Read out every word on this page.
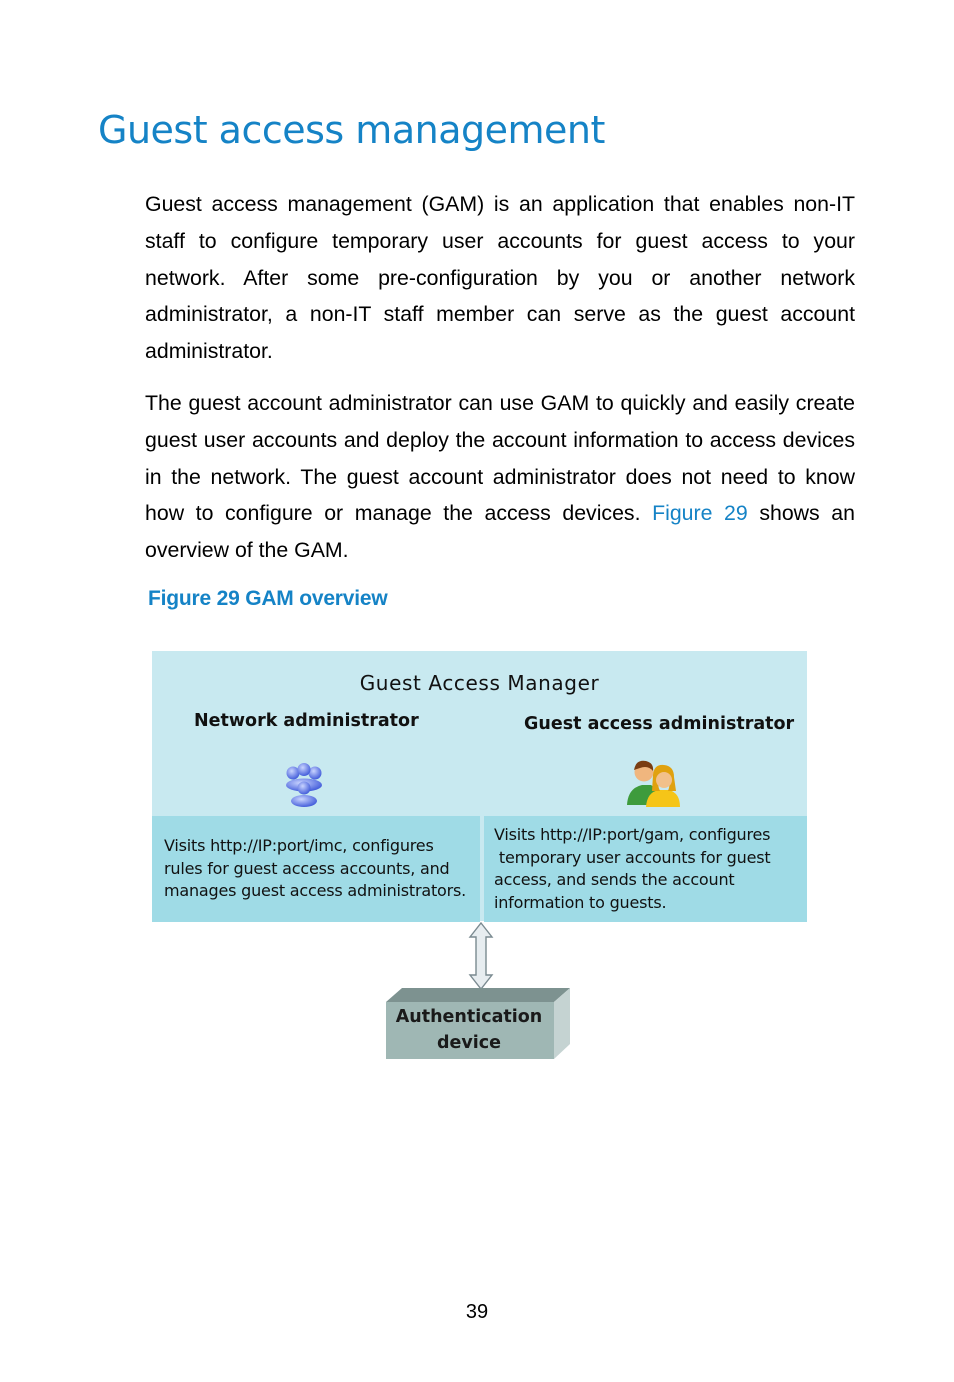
Guest access management

Guest access management (GAM) is an application that enables non-IT staff to configure temporary user accounts for guest access to your network. After some pre-configuration by you or another network administrator, a non-IT staff member can serve as the guest account administrator.

The guest account administrator can use GAM to quickly and easily create guest user accounts and deploy the account information to access devices in the network. The guest account administrator does not need to know how to configure or manage the access devices. Figure 29 shows an overview of the GAM.

Figure 29 GAM overview
Guest Access Manager
Network administrator	Guest access administrator
Visits http://IP:port/imc, configures
rules for guest access accounts, and
manages guest access administrators.
Visits http://IP:port/gam, configures
temporary user accounts for guest
access, and sends the account
information to guests.
Authentication
device
39
